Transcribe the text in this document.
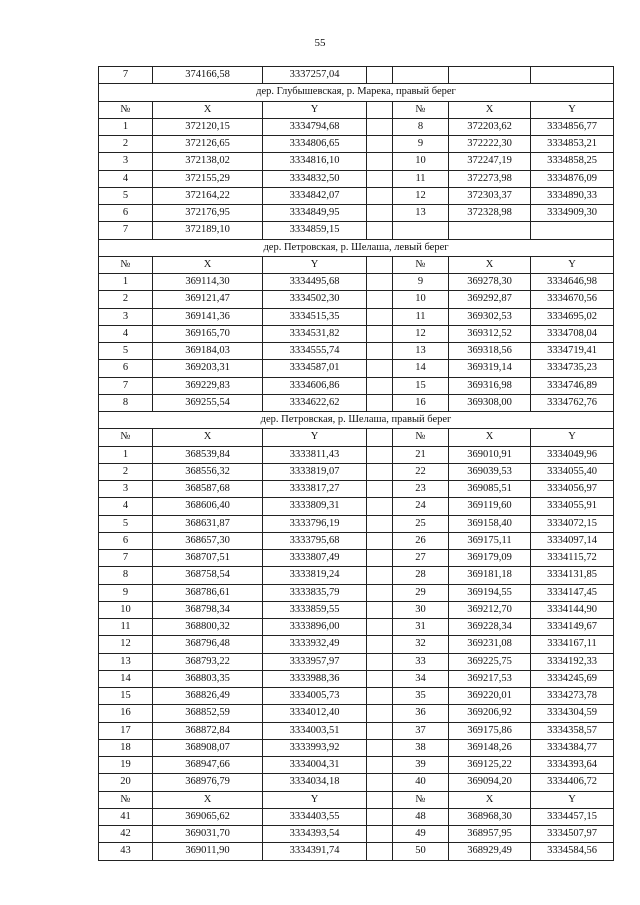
55
7	374166,58	3337257,04				
дер. Глубышевская, р. Марека, правый берег						
№	X	Y		№	X	Y
1	372120,15	3334794,68		8	372203,62	3334856,77
2	372126,65	3334806,65		9	372222,30	3334853,21
3	372138,02	3334816,10		10	372247,19	3334858,25
4	372155,29	3334832,50		11	372273,98	3334876,09
5	372164,22	3334842,07		12	372303,37	3334890,33
6	372176,95	3334849,95		13	372328,98	3334909,30
7	372189,10	3334859,15				
дер. Петровская, р. Шелаша, левый берег						
№	X	Y		№	X	Y
1	369114,30	3334495,68		9	369278,30	3334646,98
2	369121,47	3334502,30		10	369292,87	3334670,56
3	369141,36	3334515,35		11	369302,53	3334695,02
4	369165,70	3334531,82		12	369312,52	3334708,04
5	369184,03	3334555,74		13	369318,56	3334719,41
6	369203,31	3334587,01		14	369319,14	3334735,23
7	369229,83	3334606,86		15	369316,98	3334746,89
8	369255,54	3334622,62		16	369308,00	3334762,76
дер. Петровская, р. Шелаша, правый берег						
№	X	Y		№	X	Y
1	368539,84	3333811,43		21	369010,91	3334049,96
2	368556,32	3333819,07		22	369039,53	3334055,40
3	368587,68	3333817,27		23	369085,51	3334056,97
4	368606,40	3333809,31		24	369119,60	3334055,91
5	368631,87	3333796,19		25	369158,40	3334072,15
6	368657,30	3333795,68		26	369175,11	3334097,14
7	368707,51	3333807,49		27	369179,09	3334115,72
8	368758,54	3333819,24		28	369181,18	3334131,85
9	368786,61	3333835,79		29	369194,55	3334147,45
10	368798,34	3333859,55		30	369212,70	3334144,90
11	368800,32	3333896,00		31	369228,34	3334149,67
12	368796,48	3333932,49		32	369231,08	3334167,11
13	368793,22	3333957,97		33	369225,75	3334192,33
14	368803,35	3333988,36		34	369217,53	3334245,69
15	368826,49	3334005,73		35	369220,01	3334273,78
16	368852,59	3334012,40		36	369206,92	3334304,59
17	368872,84	3334003,51		37	369175,86	3334358,57
18	368908,07	3333993,92		38	369148,26	3334384,77
19	368947,66	3334004,31		39	369125,22	3334393,64
20	368976,79	3334034,18		40	369094,20	3334406,72
№	X	Y		№	X	Y
41	369065,62	3334403,55		48	368968,30	3334457,15
42	369031,70	3334393,54		49	368957,95	3334507,97
43	369011,90	3334391,74		50	368929,49	3334584,56
